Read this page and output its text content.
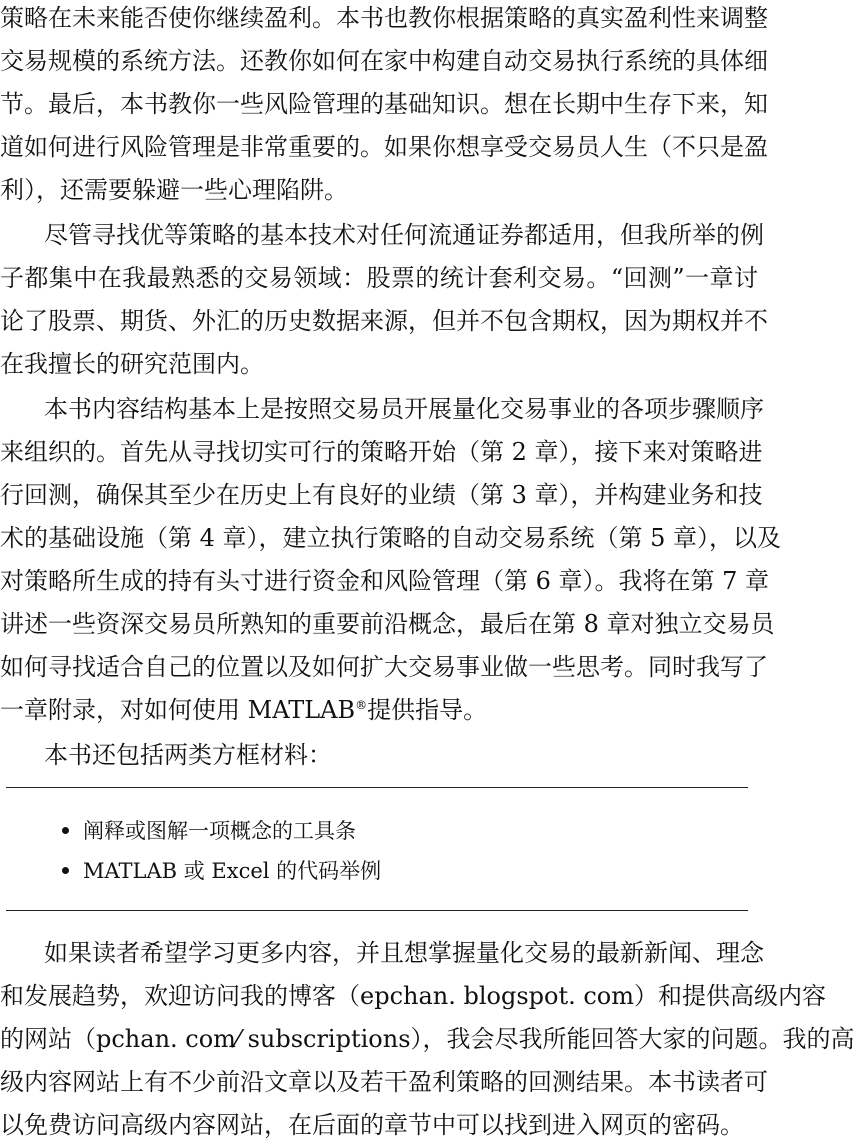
策略在未来能否使你继续盈利。本书也教你根据策略的真实盈利性来调整
交易规模的系统方法。还教你如何在家中构建自动交易执行系统的具体细
节。最后，本书教你一些风险管理的基础知识。想在长期中生存下来，知
道如何进行风险管理是非常重要的。如果你想享受交易员人生（不只是盈
利），还需要躲避一些心理陷阱。
尽管寻找优等策略的基本技术对任何流通证券都适用，但我所举的例
子都集中在我最熟悉的交易领域：股票的统计套利交易。“回测”一章讨
论了股票、期货、外汇的历史数据来源，但并不包含期权，因为期权并不
在我擅长的研究范围内。
本书内容结构基本上是按照交易员开展量化交易事业的各项步骤顺序
来组织的。首先从寻找切实可行的策略开始（第 2 章），接下来对策略进
行回测，确保其至少在历史上有良好的业绩（第 3 章），并构建业务和技
术的基础设施（第 4 章），建立执行策略的自动交易系统（第 5 章），以及
对策略所生成的持有头寸进行资金和风险管理（第 6 章）。我将在第 7 章
讲述一些资深交易员所熟知的重要前沿概念，最后在第 8 章对独立交易员
如何寻找适合自己的位置以及如何扩大交易事业做一些思考。同时我写了
一章附录，对如何使用 MATLAB®提供指导。
本书还包括两类方框材料：
阐释或图解一项概念的工具条
MATLAB 或 Excel 的代码举例
如果读者希望学习更多内容，并且想掌握量化交易的最新新闻、理念
和发展趋势，欢迎访问我的博客（epchan. blogspot. com）和提供高级内容
的网站（pchan. com⁄ subscriptions），我会尽我所能回答大家的问题。我的高
级内容网站上有不少前沿文章以及若干盈利策略的回测结果。本书读者可
以免费访问高级内容网站，在后面的章节中可以找到进入网页的密码。
